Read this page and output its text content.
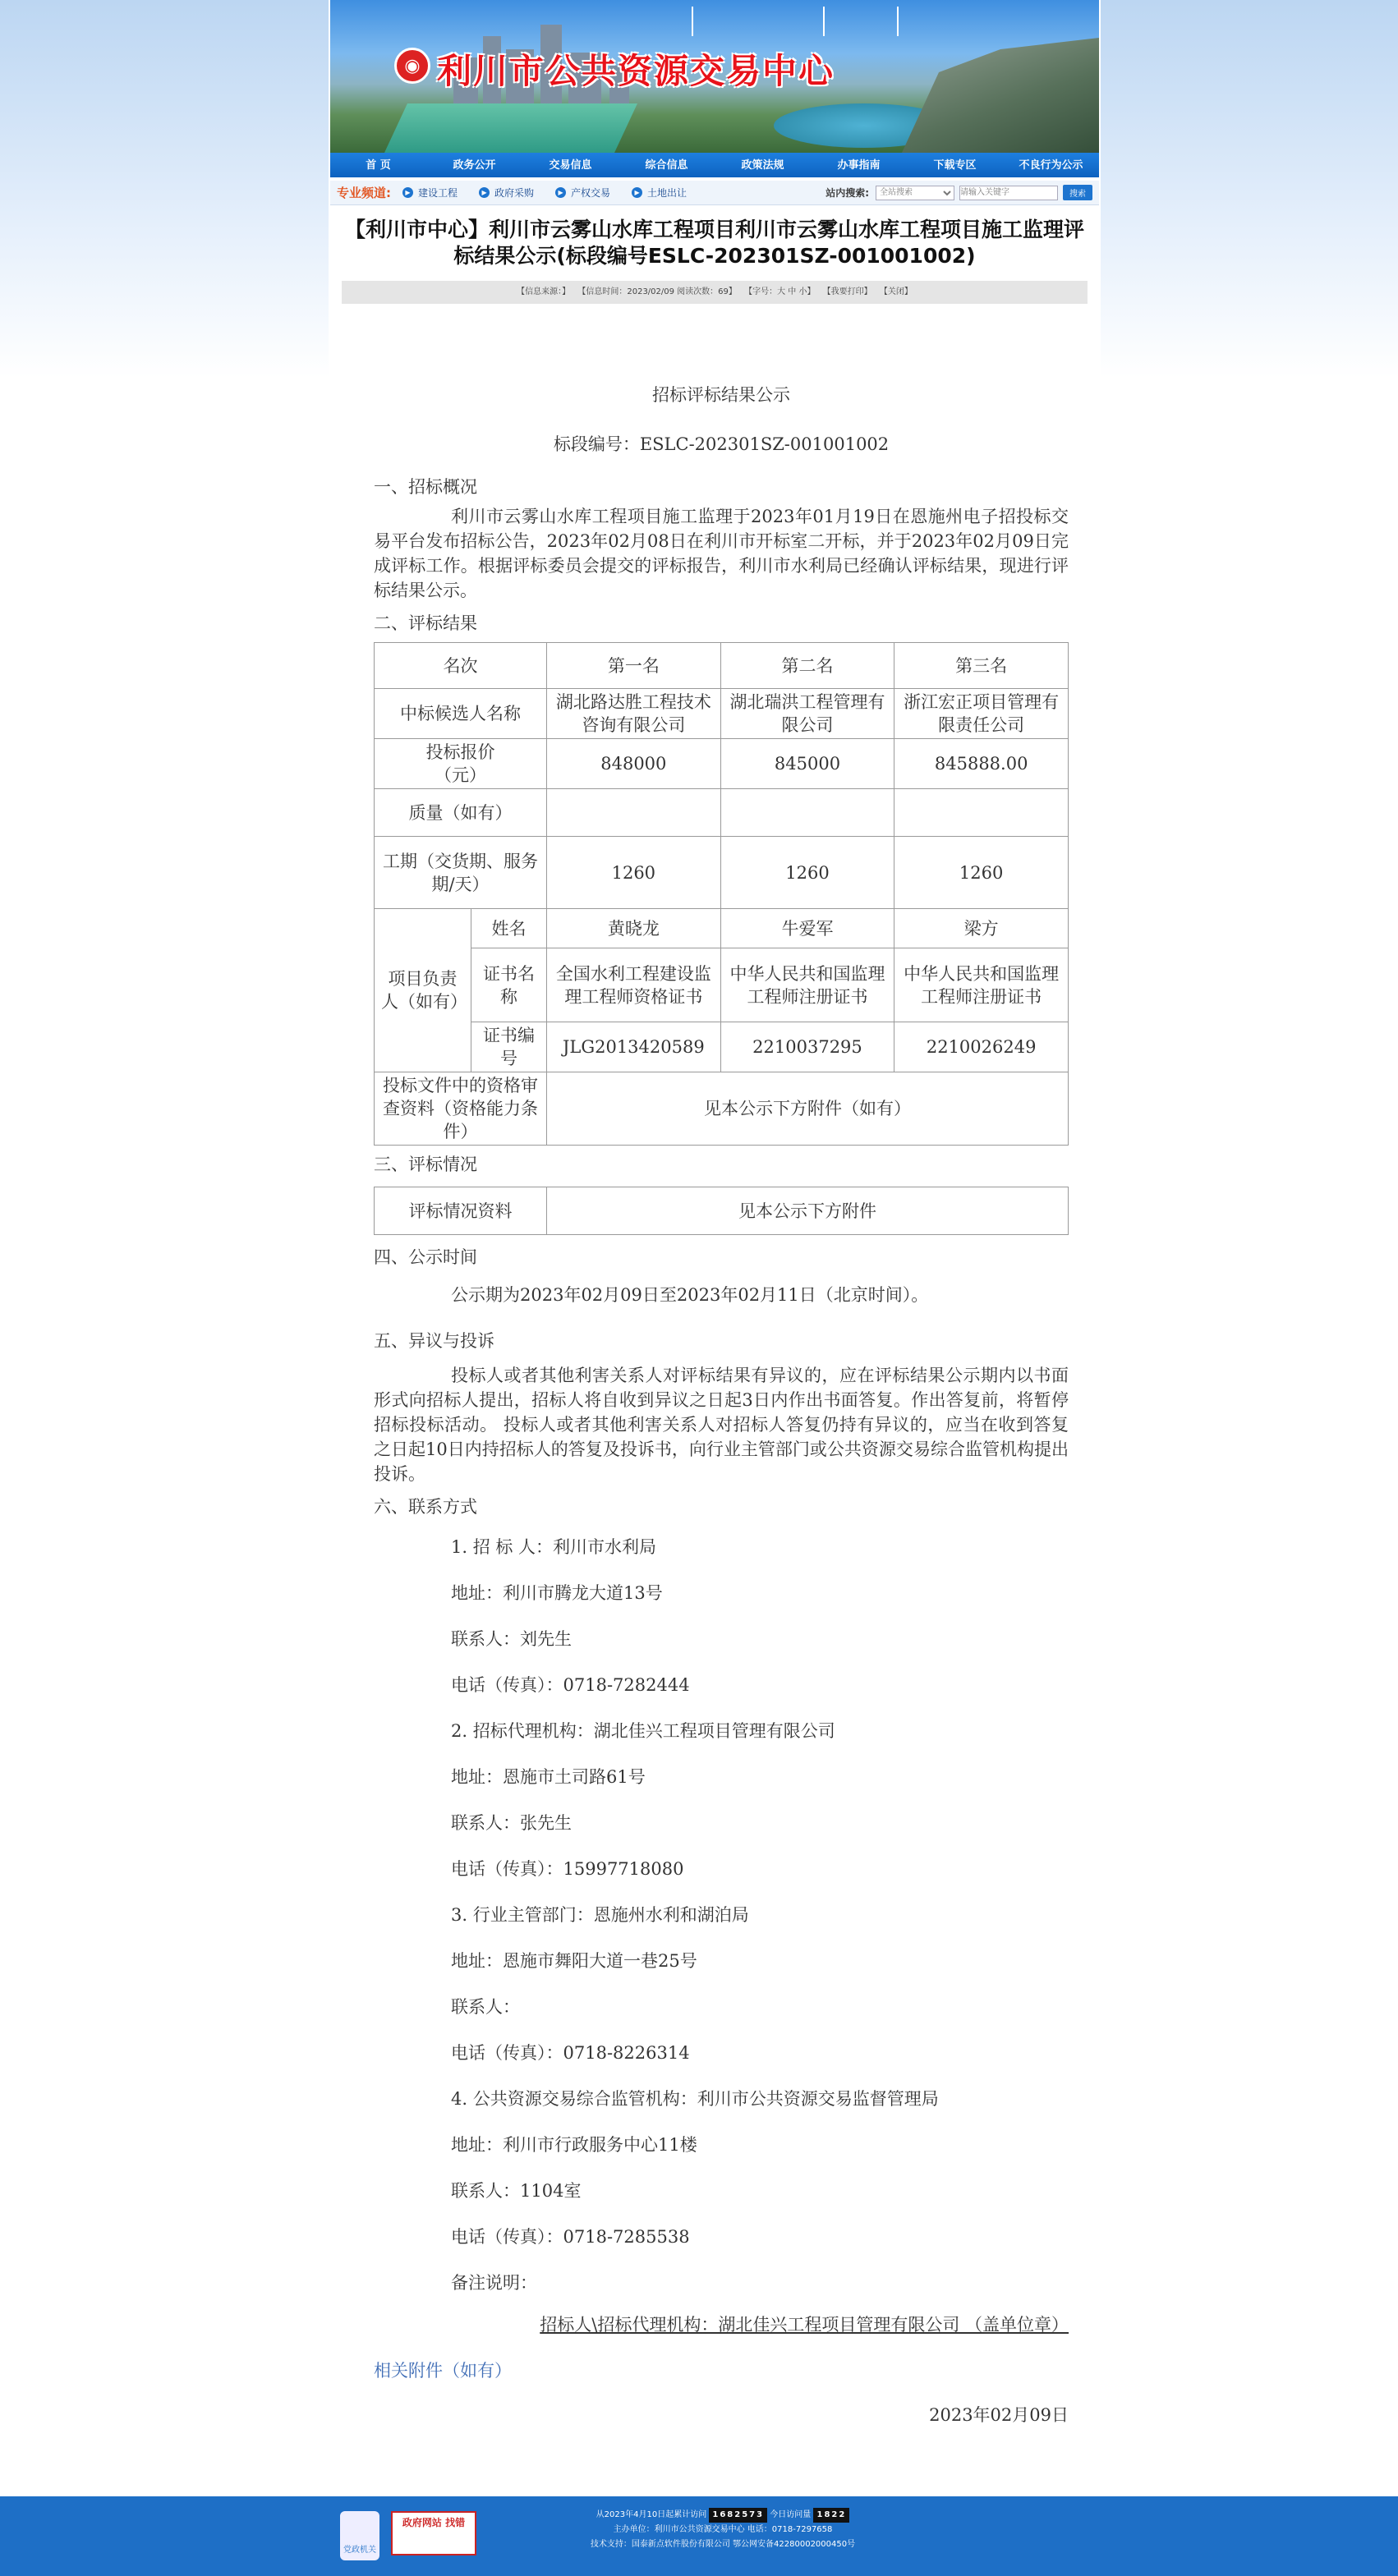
◉ 利川市公共资源交易中心
首 页	政务公开	交易信息	综合信息	政策法规	办事指南	下载专区	不良行为公示
专业频道:	▶ 建设工程	▶ 政府采购	▶ 产权交易	▶ 土地出让	站内搜索:
全站搜索
请输入关键字	搜索
【利川市中心】利川市云雾山水库工程项目利川市云雾山水库工程项目施工监理评标结果公示(标段编号ESLC-202301SZ-001001002)
【信息来源：】 【信息时间：2023/02/09 阅读次数：69】 【字号：大 中 小】 【我要打印】 【关闭】
招标评标结果公示
标段编号：ESLC-202301SZ-001001002
一、招标概况
利川市云雾山水库工程项目施工监理于2023年01月19日在恩施州电子招投标交易平台发布招标公告，2023年02月08日在利川市开标室二开标，并于2023年02月09日完成评标工作。根据评标委员会提交的评标报告，利川市水利局已经确认评标结果，现进行评标结果公示。
二、评标结果
名次		第一名	第二名	第三名
中标候选人名称		湖北路达胜工程技术咨询有限公司	湖北瑞洪工程管理有限公司	浙江宏正项目管理有限责任公司
投标报价（元）		848000	845000	845888.00
质量（如有）				
工期（交货期、服务期/天）		1260	1260	1260
项目负责人（如有）	姓名	黄晓龙	牛爱军	梁方
	证书名称	全国水利工程建设监理工程师资格证书	中华人民共和国监理工程师注册证书	中华人民共和国监理工程师注册证书
	证书编号	JLG2013420589	2210037295	2210026249
投标文件中的资格审查资料（资格能力条件）		见本公示下方附件（如有）		
三、评标情况
评标情况资料	见本公示下方附件
四、公示时间
公示期为2023年02月09日至2023年02月11日（北京时间）。
五、异议与投诉
投标人或者其他利害关系人对评标结果有异议的，应在评标结果公示期内以书面形式向招标人提出，招标人将自收到异议之日起3日内作出书面答复。作出答复前，将暂停招标投标活动。 投标人或者其他利害关系人对招标人答复仍持有异议的，应当在收到答复之日起10日内持招标人的答复及投诉书，向行业主管部门或公共资源交易综合监管机构提出投诉。
六、联系方式
1. 招 标 人：利川市水利局
地址：利川市腾龙大道13号
联系人：刘先生
电话（传真）：0718-7282444
2. 招标代理机构：湖北佳兴工程项目管理有限公司
地址：恩施市土司路61号
联系人：张先生
电话（传真）：15997718080
3. 行业主管部门：恩施州水利和湖泊局
地址：恩施市舞阳大道一巷25号
联系人：
电话（传真）：0718-8226314
4. 公共资源交易综合监管机构：利川市公共资源交易监督管理局
地址：利川市行政服务中心11楼
联系人：1104室
电话（传真）：0718-7285538
备注说明：
招标人\招标代理机构：湖北佳兴工程项目管理有限公司 （盖单位章）
相关附件（如有）
2023年02月09日
党政机关
政府网站 找错
从2023年4月10日起累计访问 1682573 今日访问量 1822
主办单位：利川市公共资源交易中心 电话：0718-7297658
技术支持：国泰新点软件股份有限公司 鄂公网安备42280002000450号
